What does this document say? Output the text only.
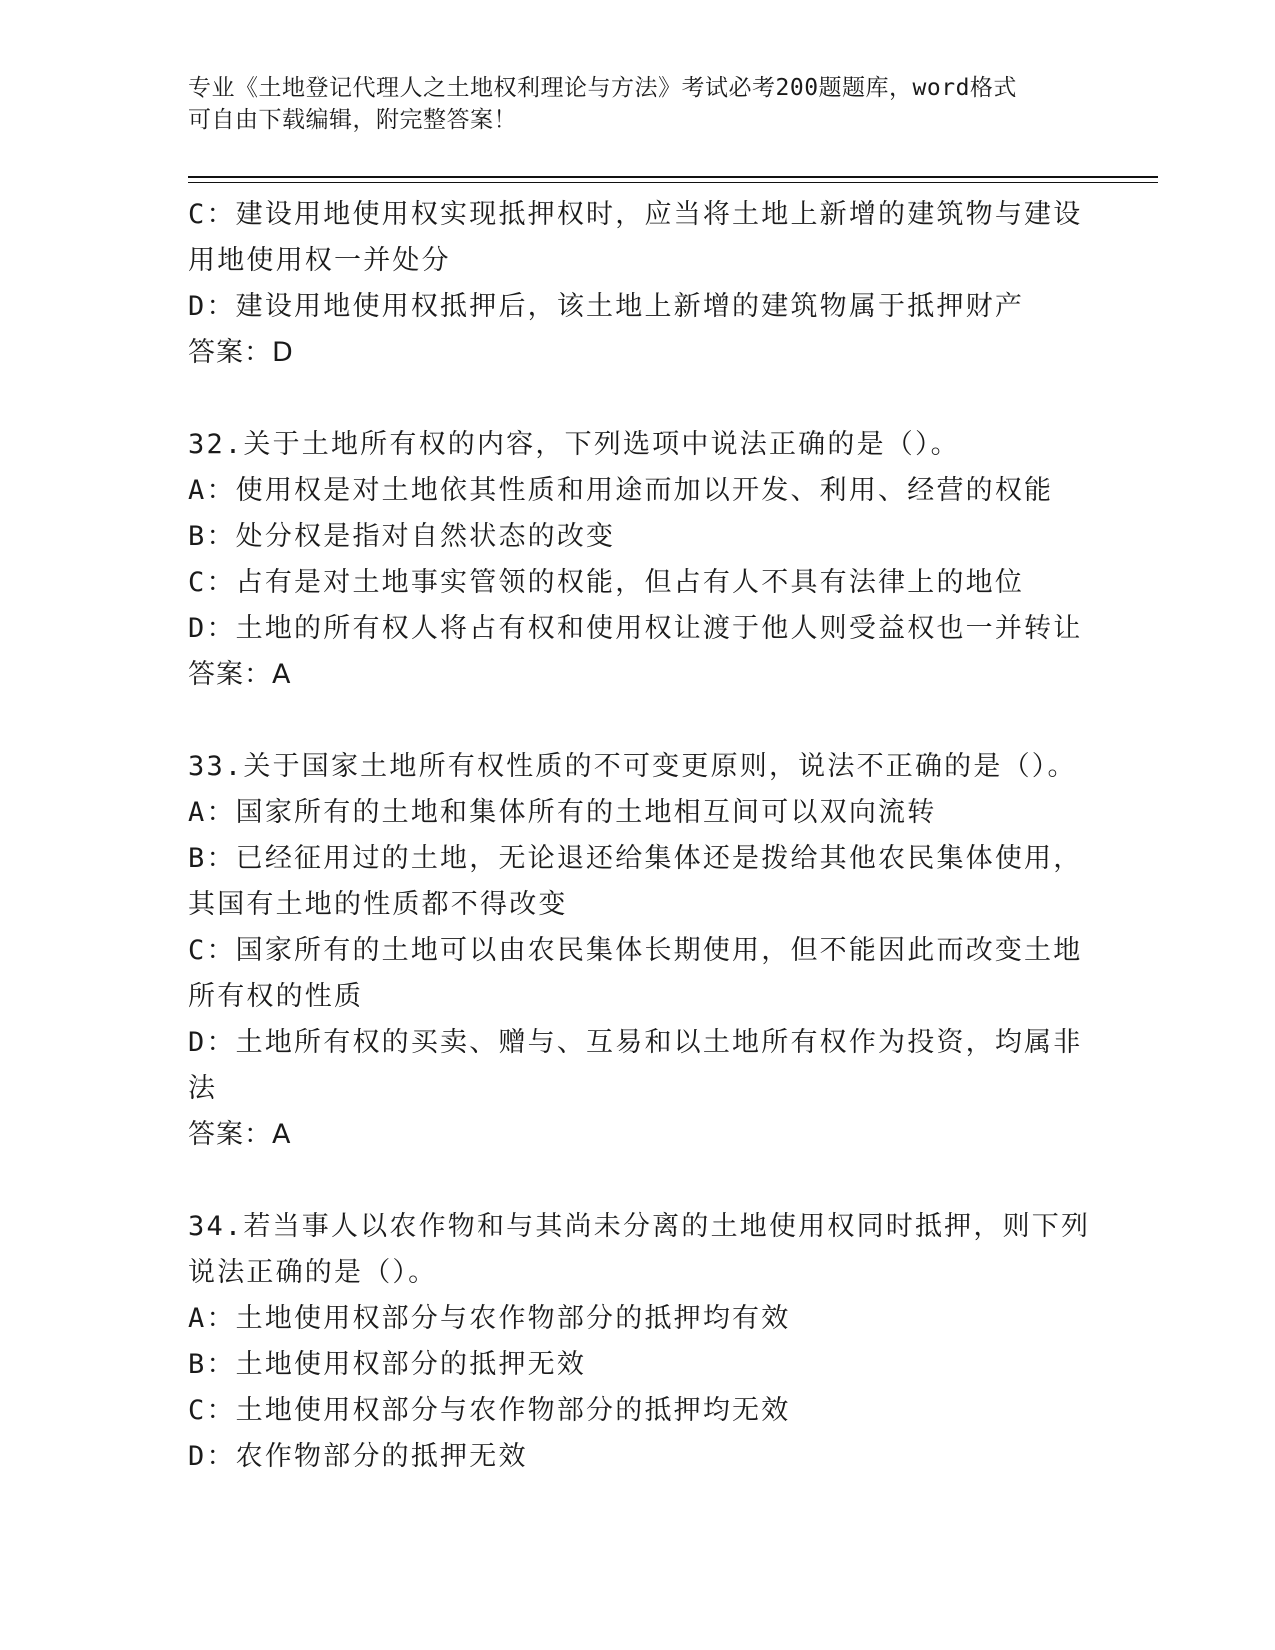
专业《土地登记代理人之土地权利理论与方法》考试必考200题题库，word格式
可自由下载编辑，附完整答案！
C：建设用地使用权实现抵押权时，应当将土地上新增的建筑物与建设
用地使用权一并处分
D：建设用地使用权抵押后，该土地上新增的建筑物属于抵押财产
答案：D
32.关于土地所有权的内容，下列选项中说法正确的是（）。
A：使用权是对土地依其性质和用途而加以开发、利用、经营的权能
B：处分权是指对自然状态的改变
C：占有是对土地事实管领的权能，但占有人不具有法律上的地位
D：土地的所有权人将占有权和使用权让渡于他人则受益权也一并转让
答案：A
33.关于国家土地所有权性质的不可变更原则，说法不正确的是（）。
A：国家所有的土地和集体所有的土地相互间可以双向流转
B：已经征用过的土地，无论退还给集体还是拨给其他农民集体使用，
其国有土地的性质都不得改变
C：国家所有的土地可以由农民集体长期使用，但不能因此而改变土地
所有权的性质
D：土地所有权的买卖、赠与、互易和以土地所有权作为投资，均属非
法
答案：A
34.若当事人以农作物和与其尚未分离的土地使用权同时抵押，则下列
说法正确的是（）。
A：土地使用权部分与农作物部分的抵押均有效
B：土地使用权部分的抵押无效
C：土地使用权部分与农作物部分的抵押均无效
D：农作物部分的抵押无效
